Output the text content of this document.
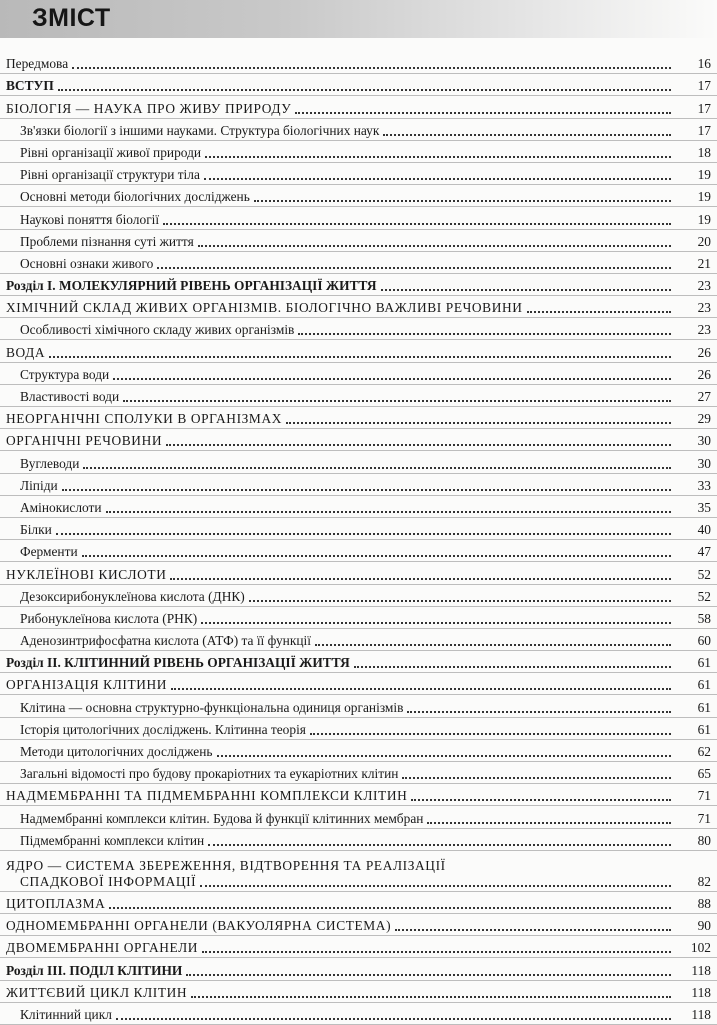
ЗМІСТ
Передмова	16
ВСТУП	17
БІОЛОГІЯ — НАУКА ПРО ЖИВУ ПРИРОДУ	17
Зв'язки біології з іншими науками. Структура біологічних наук	17
Рівні організації живої природи	18
Рівні організації структури тіла	19
Основні методи біологічних досліджень	19
Наукові поняття біології	19
Проблеми пізнання суті життя	20
Основні ознаки живого	21
Розділ І. МОЛЕКУЛЯРНИЙ РІВЕНЬ ОРГАНІЗАЦІЇ ЖИТТЯ	23
ХІМІЧНИЙ СКЛАД ЖИВИХ ОРГАНІЗМІВ. БІОЛОГІЧНО ВАЖЛИВІ РЕЧОВИНИ	23
Особливості хімічного складу живих організмів	23
ВОДА	26
Структура води	26
Властивості води	27
НЕОРГАНІЧНІ СПОЛУКИ В ОРГАНІЗМАХ	29
ОРГАНІЧНІ РЕЧОВИНИ	30
Вуглеводи	30
Ліпіди	33
Амінокислоти	35
Білки	40
Ферменти	47
НУКЛЕЇНОВІ КИСЛОТИ	52
Дезоксирибонуклеїнова кислота (ДНК)	52
Рибонуклеїнова кислота (РНК)	58
Аденозинтрифосфатна кислота (АТФ) та її функції	60
Розділ II. КЛІТИННИЙ РІВЕНЬ ОРГАНІЗАЦІЇ ЖИТТЯ	61
ОРГАНІЗАЦІЯ КЛІТИНИ	61
Клітина — основна структурно-функціональна одиниця організмів	61
Історія цитологічних досліджень. Клітинна теорія	61
Методи цитологічних досліджень	62
Загальні відомості про будову прокаріотних та еукаріотних клітин	65
НАДМЕМБРАННІ ТА ПІДМЕМБРАННІ КОМПЛЕКСИ КЛІТИН	71
Надмембранні комплекси клітин. Будова й функції клітинних мембран	71
Підмембранні комплекси клітин	80
ЯДРО — СИСТЕМА ЗБЕРЕЖЕННЯ, ВІДТВОРЕННЯ ТА РЕАЛІЗАЦІЇ
СПАДКОВОЇ ІНФОРМАЦІЇ	82
ЦИТОПЛАЗМА	88
ОДНОМЕМБРАННІ ОРГАНЕЛИ (ВАКУОЛЯРНА СИСТЕМА)	90
ДВОМЕМБРАННІ ОРГАНЕЛИ	102
Розділ III. ПОДІЛ КЛІТИНИ	118
ЖИТТЄВИЙ ЦИКЛ КЛІТИН	118
Клітинний цикл	118
